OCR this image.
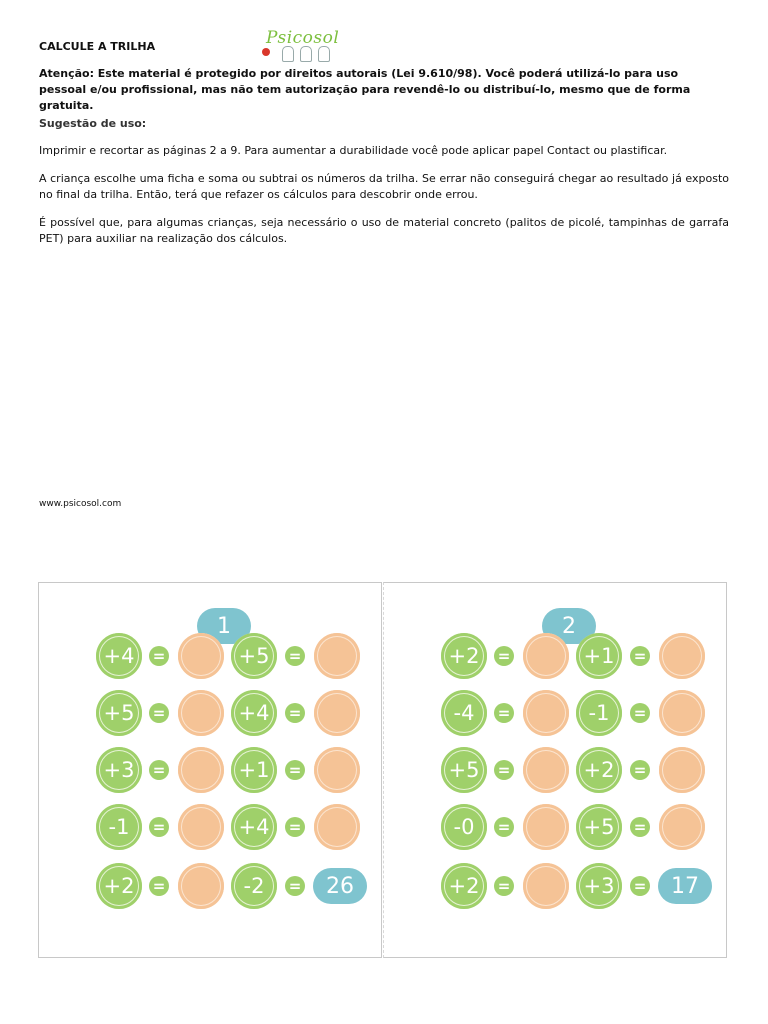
CALCULE A TRILHA	Psicosol
Atenção: Este material é protegido por direitos autorais (Lei 9.610/98). Você poderá utilizá-lo para uso pessoal e/ou profissional, mas não tem autorização para revendê-lo ou distribuí-lo, mesmo que de forma gratuita.
Sugestão de uso:
Imprimir e recortar as páginas 2 a 9. Para aumentar a durabilidade você pode aplicar papel Contact ou plastificar.
A criança escolhe uma ficha e soma ou subtrai os números da trilha. Se errar não conseguirá chegar ao resultado já exposto no final da trilha. Então, terá que refazer os cálculos para descobrir onde errou.
É possível que, para algumas crianças, seja necessário o uso de material concreto (palitos de picolé, tampinhas de garrafa PET) para auxiliar na realização dos cálculos.
www.psicosol.com
1
+4	=	+5	=
+5	=	+4	=
+3	=	+1	=
-1	=	+4	=
+2	=	-2	=	26
2
+2	=	+1	=
-4	=	-1	=
+5	=	+2	=
-0	=	+5	=
+2	=	+3	=	17
